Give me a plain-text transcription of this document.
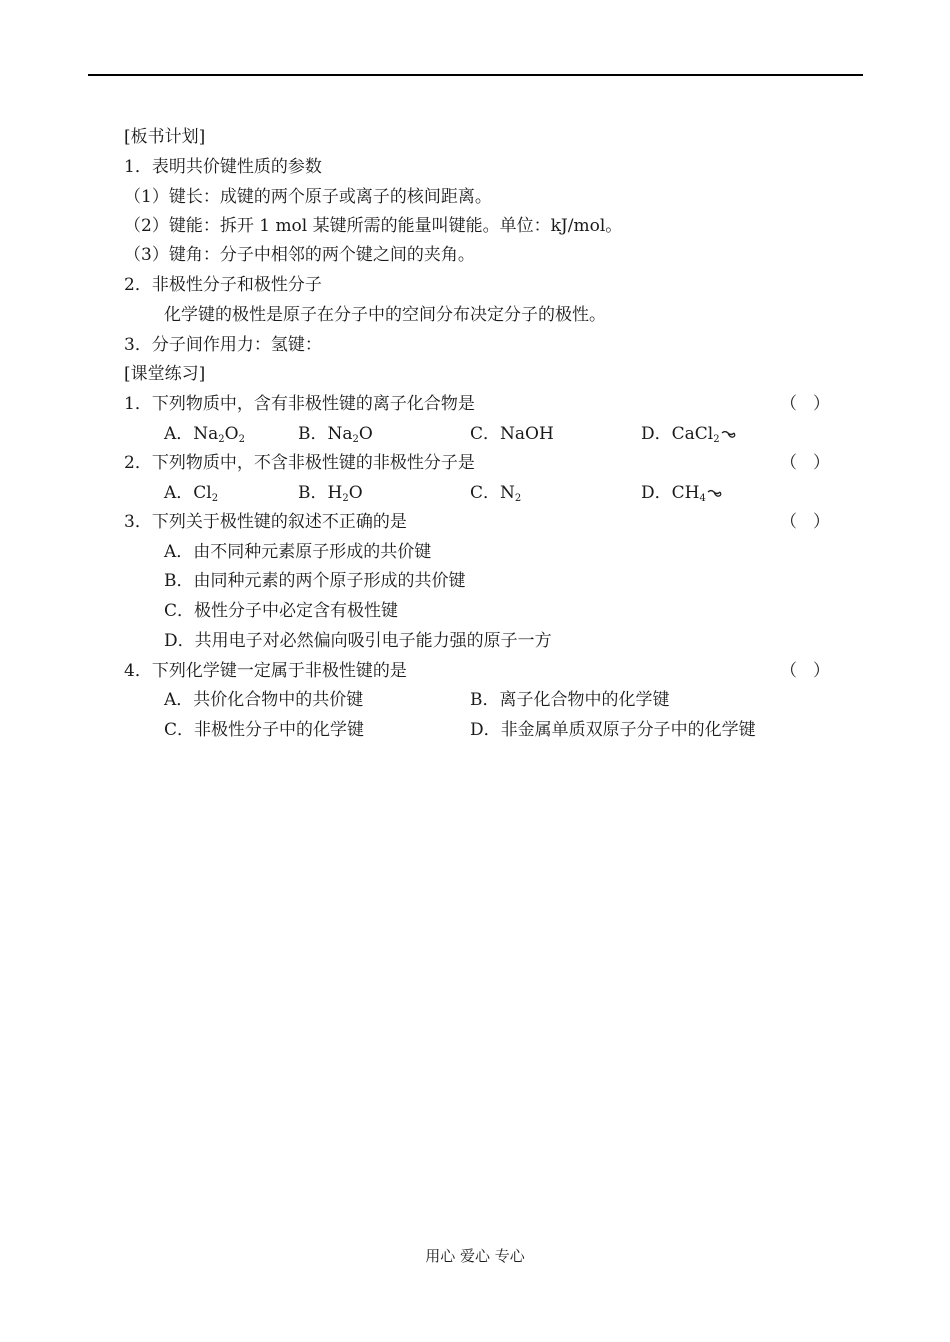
[板书计划]
1．表明共价键性质的参数
（1）键长：成键的两个原子或离子的核间距离。
（2）键能：拆开 1 mol 某键所需的能量叫键能。单位：kJ/mol。
（3）键角：分子中相邻的两个键之间的夹角。
2．非极性分子和极性分子
化学键的极性是原子在分子中的空间分布决定分子的极性。
3．分子间作用力：氢键：
[课堂练习]
1．下列物质中，含有非极性键的离子化合物是	（ ）
A．$Na_2O_2$	B．$Na_2O$	C．NaOH	D．CaCl$_2$
2．下列物质中，不含非极性键的非极性分子是	（ ）
A．$Cl_2$	B．$H_2O$	C．$N_2$	D．$CH_4$
3．下列关于极性键的叙述不正确的是	（ ）
A．由不同种元素原子形成的共价键
B．由同种元素的两个原子形成的共价键
C．极性分子中必定含有极性键
D．共用电子对必然偏向吸引电子能力强的原子一方
4．下列化学键一定属于非极性键的是	（ ）
A．共价化合物中的共价键	B．离子化合物中的化学键
C．非极性分子中的化学键	D．非金属单质双原子分子中的化学键
用心 爱心 专心
